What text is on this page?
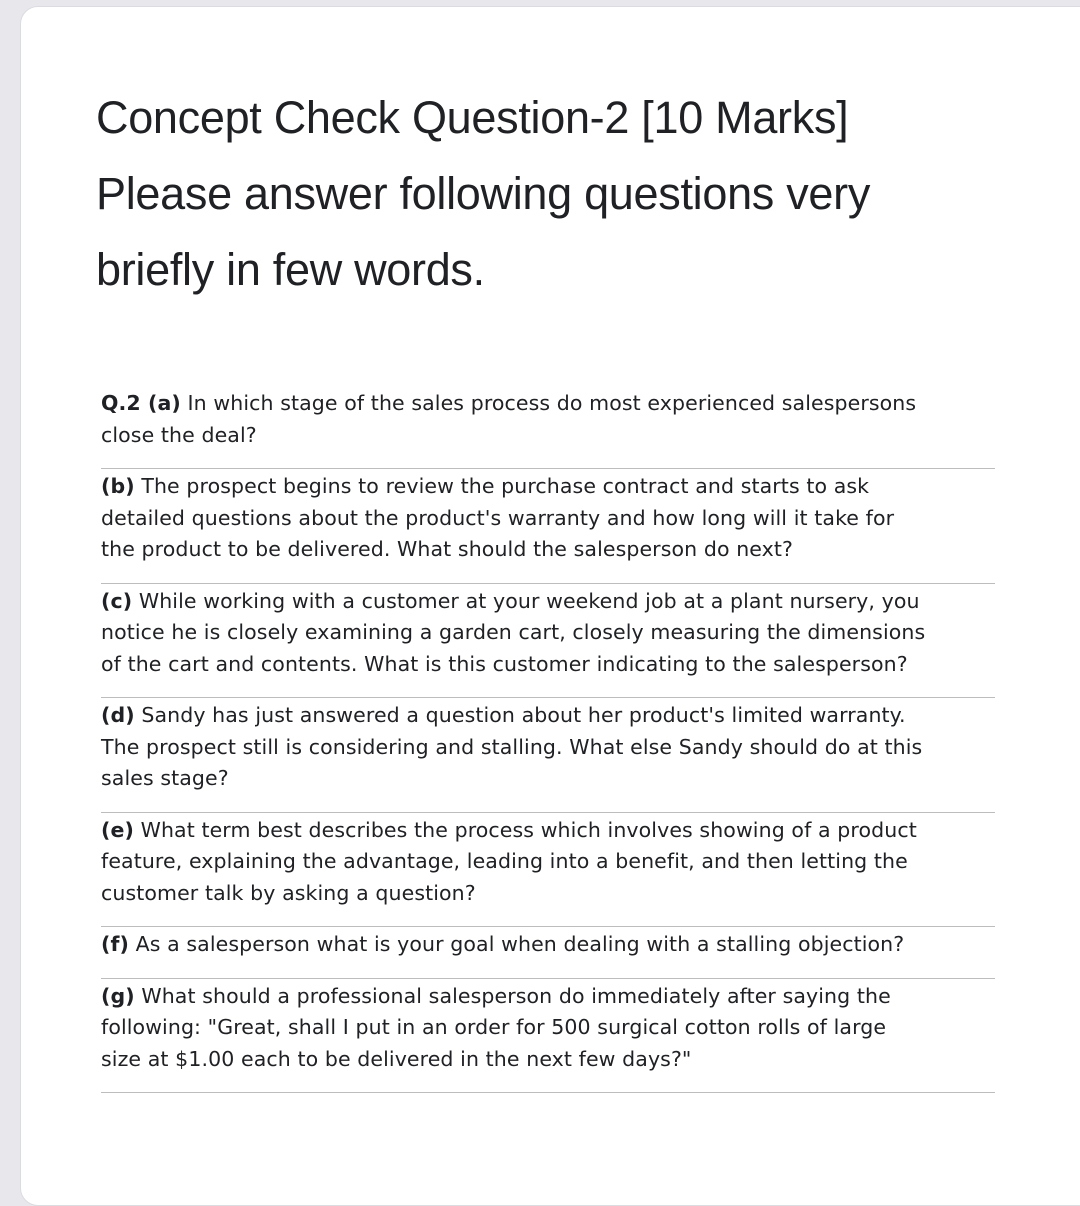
Concept Check Question-2 [10 Marks]
Please answer following questions very
briefly in few words.
Q.2 (a) In which stage of the sales process do most experienced salespersons
close the deal?
(b) The prospect begins to review the purchase contract and starts to ask
detailed questions about the product's warranty and how long will it take for
the product to be delivered. What should the salesperson do next?
(c) While working with a customer at your weekend job at a plant nursery, you
notice he is closely examining a garden cart, closely measuring the dimensions
of the cart and contents. What is this customer indicating to the salesperson?
(d) Sandy has just answered a question about her product's limited warranty.
The prospect still is considering and stalling. What else Sandy should do at this
sales stage?
(e) What term best describes the process which involves showing of a product
feature, explaining the advantage, leading into a benefit, and then letting the
customer talk by asking a question?
(f) As a salesperson what is your goal when dealing with a stalling objection?
(g) What should a professional salesperson do immediately after saying the
following: "Great, shall I put in an order for 500 surgical cotton rolls of large
size at $1.00 each to be delivered in the next few days?"
